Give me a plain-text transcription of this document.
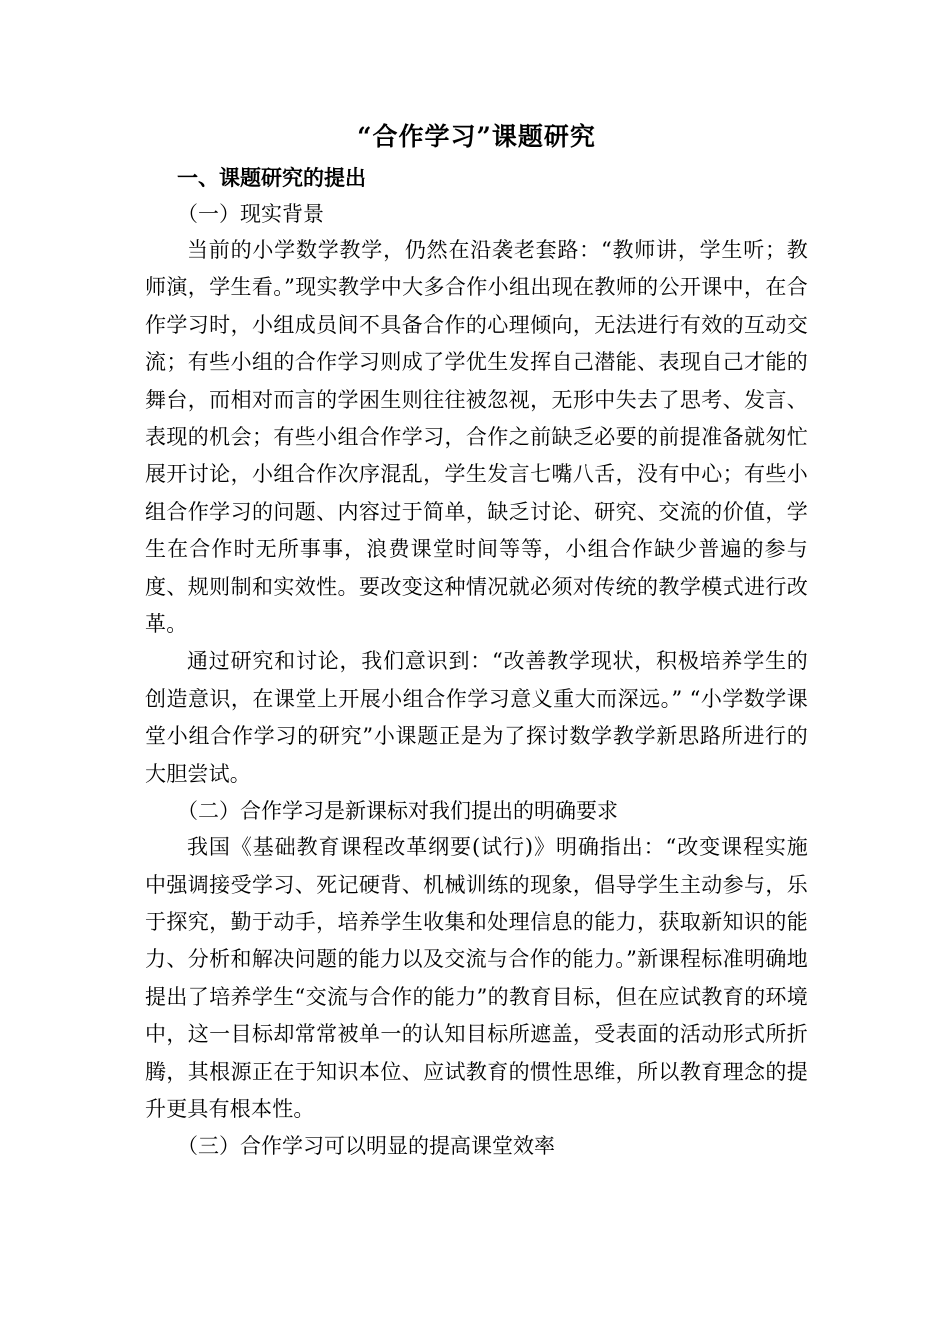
“合作学习”课题研究

一、课题研究的提出

（一）现实背景

当前的小学数学教学，仍然在沿袭老套路：“教师讲，学生听；教师演，学生看。”现实教学中大多合作小组出现在教师的公开课中，在合作学习时，小组成员间不具备合作的心理倾向，无法进行有效的互动交流；有些小组的合作学习则成了学优生发挥自己潜能、表现自己才能的舞台，而相对而言的学困生则往往被忽视，无形中失去了思考、发言、表现的机会；有些小组合作学习，合作之前缺乏必要的前提准备就匆忙展开讨论，小组合作次序混乱，学生发言七嘴八舌，没有中心；有些小组合作学习的问题、内容过于简单，缺乏讨论、研究、交流的价值，学生在合作时无所事事，浪费课堂时间等等，小组合作缺少普遍的参与度、规则制和实效性。要改变这种情况就必须对传统的教学模式进行改革。

通过研究和讨论，我们意识到：“改善教学现状，积极培养学生的创造意识，在课堂上开展小组合作学习意义重大而深远。” “小学数学课堂小组合作学习的研究”小课题正是为了探讨数学教学新思路所进行的大胆尝试。

（二）合作学习是新课标对我们提出的明确要求

我国《基础教育课程改革纲要(试行)》明确指出：“改变课程实施中强调接受学习、死记硬背、机械训练的现象，倡导学生主动参与，乐于探究，勤于动手，培养学生收集和处理信息的能力，获取新知识的能力、分析和解决问题的能力以及交流与合作的能力。”新课程标准明确地提出了培养学生“交流与合作的能力”的教育目标，但在应试教育的环境中，这一目标却常常被单一的认知目标所遮盖，受表面的活动形式所折腾，其根源正在于知识本位、应试教育的惯性思维，所以教育理念的提升更具有根本性。

（三）合作学习可以明显的提高课堂效率
